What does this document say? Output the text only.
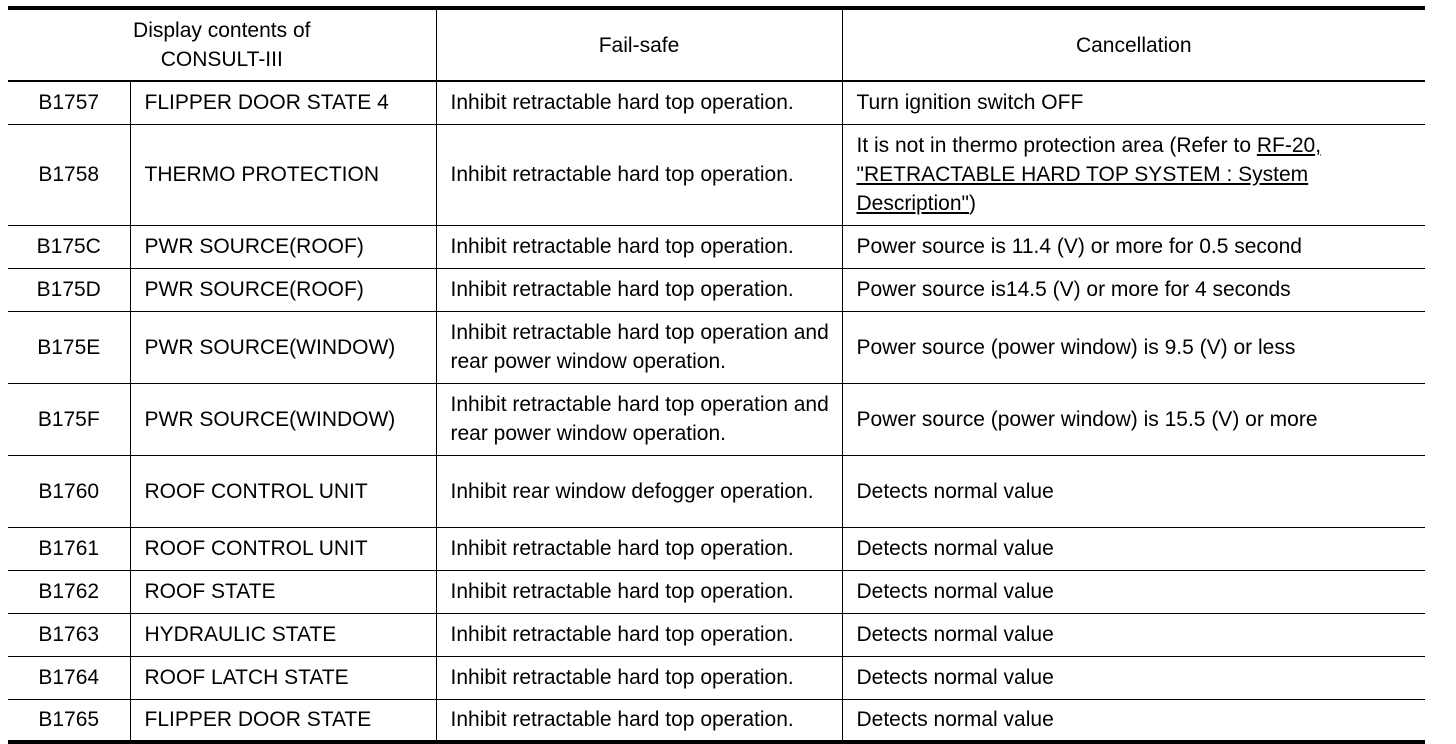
Display contents of
CONSULT-III		Fail-safe	Cancellation
B1757	FLIPPER DOOR STATE 4	Inhibit retractable hard top operation.	Turn ignition switch OFF
B1758	THERMO PROTECTION	Inhibit retractable hard top operation.	It is not in thermo protection area (Refer to RF-20, "RETRACTABLE HARD TOP SYSTEM : System Description")
B175C	PWR SOURCE(ROOF)	Inhibit retractable hard top operation.	Power source is 11.4 (V) or more for 0.5 second
B175D	PWR SOURCE(ROOF)	Inhibit retractable hard top operation.	Power source is14.5 (V) or more for 4 seconds
B175E	PWR SOURCE(WINDOW)	Inhibit retractable hard top operation and rear power window operation.	Power source (power window) is 9.5 (V) or less
B175F	PWR SOURCE(WINDOW)	Inhibit retractable hard top operation and rear power window operation.	Power source (power window) is 15.5 (V) or more
B1760	ROOF CONTROL UNIT	Inhibit rear window defogger operation.	Detects normal value
B1761	ROOF CONTROL UNIT	Inhibit retractable hard top operation.	Detects normal value
B1762	ROOF STATE	Inhibit retractable hard top operation.	Detects normal value
B1763	HYDRAULIC STATE	Inhibit retractable hard top operation.	Detects normal value
B1764	ROOF LATCH STATE	Inhibit retractable hard top operation.	Detects normal value
B1765	FLIPPER DOOR STATE	Inhibit retractable hard top operation.	Detects normal value
